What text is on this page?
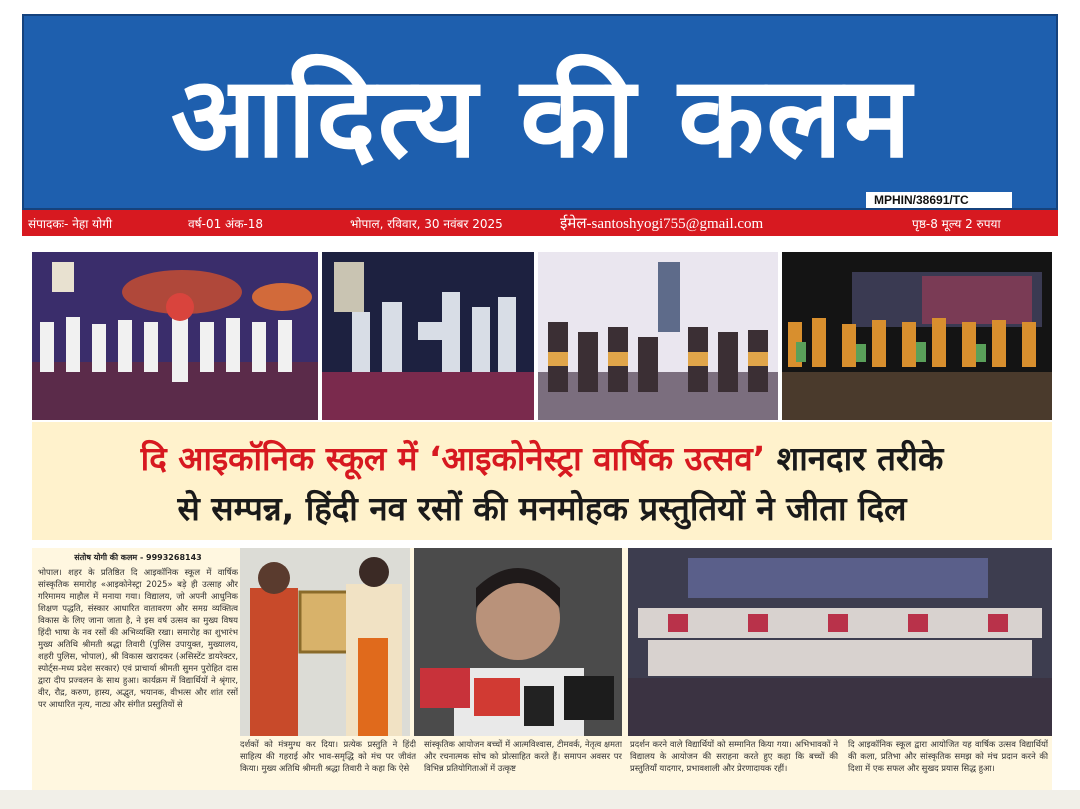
आदित्य की कलम
MPHIN/38691/TC
संपादकः- नेहा योगी	वर्ष-01 अंक-18	भोपाल, रविवार, 30 नवंबर 2025	ईमेल-santoshyogi755@gmail.com	पृष्ठ-8 मूल्य 2 रुपया
दि आइकॉनिक स्कूल में ‘आइकोनेस्ट्रा वार्षिक उत्सव’ शानदार तरीके
से सम्पन्न, हिंदी नव रसों की मनमोहक प्रस्तुतियों ने जीता दिल
संतोष योगी की कलम - 9993268143
भोपाल। शहर के प्रतिष्ठित दि आइकॉनिक स्कूल में वार्षिक सांस्कृतिक समारोह «आइकोनेस्ट्रा 2025» बड़े ही उत्साह और गरिमामय माहौल में मनाया गया। विद्यालय, जो अपनी आधुनिक शिक्षण पद्धति, संस्कार आधारित वातावरण और समग्र व्यक्तित्व विकास के लिए जाना जाता है, ने इस वर्ष उत्सव का मुख्य विषय हिंदी भाषा के नव रसों की अभिव्यक्ति रखा। समारोह का शुभारंभ मुख्य अतिथि श्रीमती श्रद्धा तिवारी (पुलिस उपायुक्त, मुख्यालय, शहरी पुलिस, भोपाल), श्री विकास खरादकर (असिस्टेंट डायरेक्टर, स्पोर्ट्स-मध्य प्रदेश सरकार) एवं प्राचार्या श्रीमती सुमन पुरोहित दास द्वारा दीप प्रज्वलन के साथ हुआ। कार्यक्रम में विद्यार्थियों ने श्रृंगार, वीर, रौद्र, करुण, हास्य, अद्भुत, भयानक, वीभत्स और शांत रसों पर आधारित नृत्य, नाट्य और संगीत प्रस्तुतियों से
दर्शकों को मंत्रमुग्ध कर दिया। प्रत्येक प्रस्तुति ने हिंदी साहित्य की गहराई और भाव-समृद्धि को मंच पर जीवंत किया। मुख्य अतिथि श्रीमती श्रद्धा तिवारी ने कहा कि ऐसे
सांस्कृतिक आयोजन बच्चों में आत्मविश्वास, टीमवर्क, नेतृत्व क्षमता और रचनात्मक सोच को प्रोत्साहित करते हैं। समापन अवसर पर विभिन्न प्रतियोगिताओं में उत्कृष्ट
प्रदर्शन करने वाले विद्यार्थियों को सम्मानित किया गया। अभिभावकों ने विद्यालय के आयोजन की सराहना करते हुए कहा कि बच्चों की प्रस्तुतियाँ यादगार, प्रभावशाली और प्रेरणादायक रहीं।
दि आइकॉनिक स्कूल द्वारा आयोजित यह वार्षिक उत्सव विद्यार्थियों की कला, प्रतिभा और सांस्कृतिक समझ को मंच प्रदान करने की दिशा में एक सफल और सुखद प्रयास सिद्ध हुआ।
